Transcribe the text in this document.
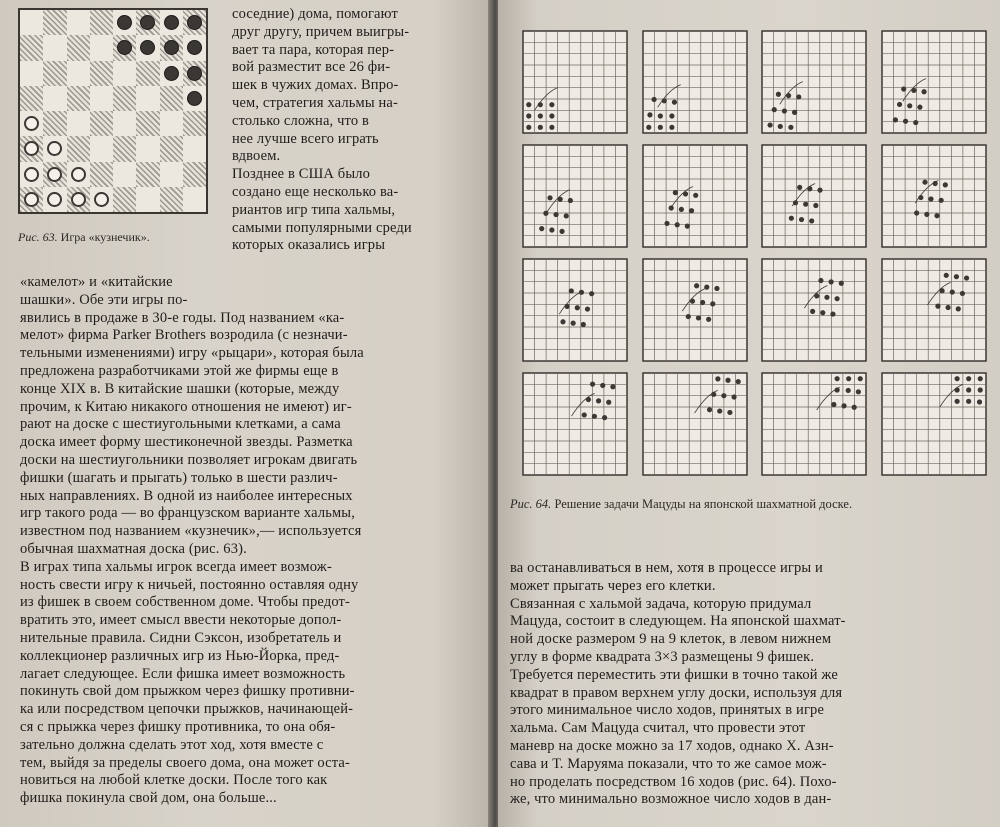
Рис. 63. Игра «кузнечик».
соседние) дома, помогают
друг другу, причем выигры-
вает та пара, которая пер-
вой разместит все 26 фи-
шек в чужих домах. Впро-
чем, стратегия хальмы на-
столько сложна, что в
нее лучше всего играть
вдвоем.
Позднее в США было
создано еще несколько ва-
риантов игр типа хальмы,
самыми популярными среди
которых оказались игры
«камелот» и «китайские
шашки». Обе эти игры по-
явились в продаже в 30-е годы. Под названием «ка-
мелот» фирма Parker Brothers возродила (с незначи-
тельными изменениями) игру «рыцари», которая была
предложена разработчиками этой же фирмы еще в
конце XIX в. В китайские шашки (которые, между
прочим, к Китаю никакого отношения не имеют) иг-
рают на доске с шестиугольными клетками, а сама
доска имеет форму шестиконечной звезды. Разметка
доски на шестиугольники позволяет игрокам двигать
фишки (шагать и прыгать) только в шести различ-
ных направлениях. В одной из наиболее интересных
игр такого рода — во французском варианте хальмы,
известном под названием «кузнечик»,— используется
обычная шахматная доска (рис. 63).
В играх типа хальмы игрок всегда имеет возмож-
ность свести игру к ничьей, постоянно оставляя одну
из фишек в своем собственном доме. Чтобы предот-
вратить это, имеет смысл ввести некоторые допол-
нительные правила. Сидни Сэксон, изобретатель и
коллекционер различных игр из Нью-Йорка, пред-
лагает следующее. Если фишка имеет возможность
покинуть свой дом прыжком через фишку противни-
ка или посредством цепочки прыжков, начинающей-
ся с прыжка через фишку противника, то она обя-
зательно должна сделать этот ход, хотя вместе с
тем, выйдя за пределы своего дома, она может оста-
новиться на любой клетке доски. После того как
фишка покинула свой дом, она больше...
Рис. 64. Решение задачи Мацуды на японской шахматной доске.
ва останавливаться в нем, хотя в процессе игры и
может прыгать через его клетки.
Связанная с хальмой задача, которую придумал
Мацуда, состоит в следующем. На японской шахмат-
ной доске размером 9 на 9 клеток, в левом нижнем
углу в форме квадрата 3×3 размещены 9 фишек.
Требуется переместить эти фишки в точно такой же
квадрат в правом верхнем углу доски, используя для
этого минимальное число ходов, принятых в игре
хальма. Сам Мацуда считал, что провести этот
маневр на доске можно за 17 ходов, однако Х. Азн-
сава и Т. Маруяма показали, что то же самое мож-
но проделать посредством 16 ходов (рис. 64). Похо-
же, что минимально возможное число ходов в дан-
